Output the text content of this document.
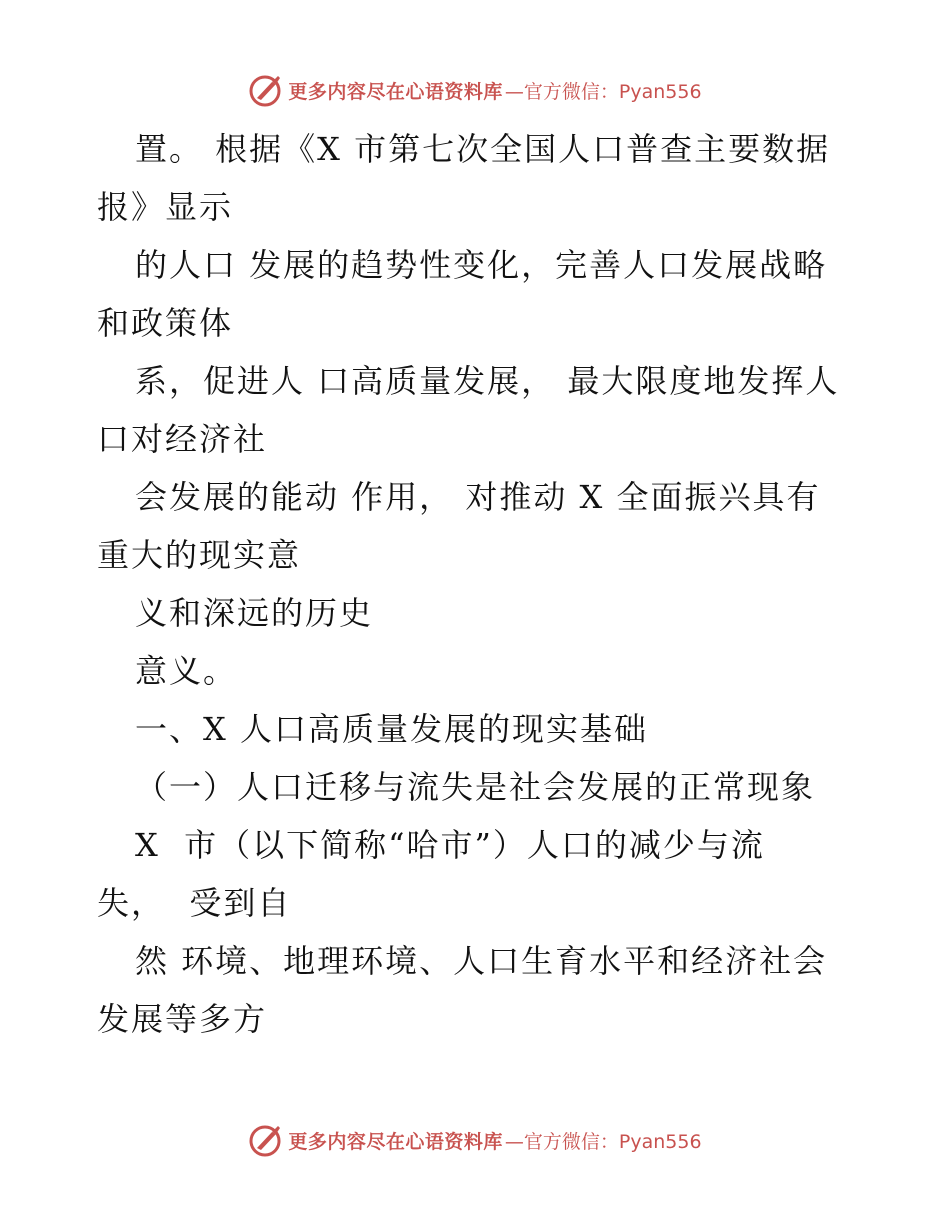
更多内容尽在心语资料库 —官方微信：Pyan556
置。 根据《X 市第七次全国人口普查主要数据
报》显示
的人口 发展的趋势性变化，完善人口发展战略
和政策体
系，促进人 口高质量发展， 最大限度地发挥人
口对经济社
会发展的能动 作用， 对推动 X 全面振兴具有
重大的现实意
义和深远的历史
意义。
一、X 人口高质量发展的现实基础
（一）人口迁移与流失是社会发展的正常现象
X  市（以下简称“哈市”）人口的减少与流
失，  受到自
然 环境、地理环境、人口生育水平和经济社会
发展等多方
更多内容尽在心语资料库 —官方微信：Pyan556
